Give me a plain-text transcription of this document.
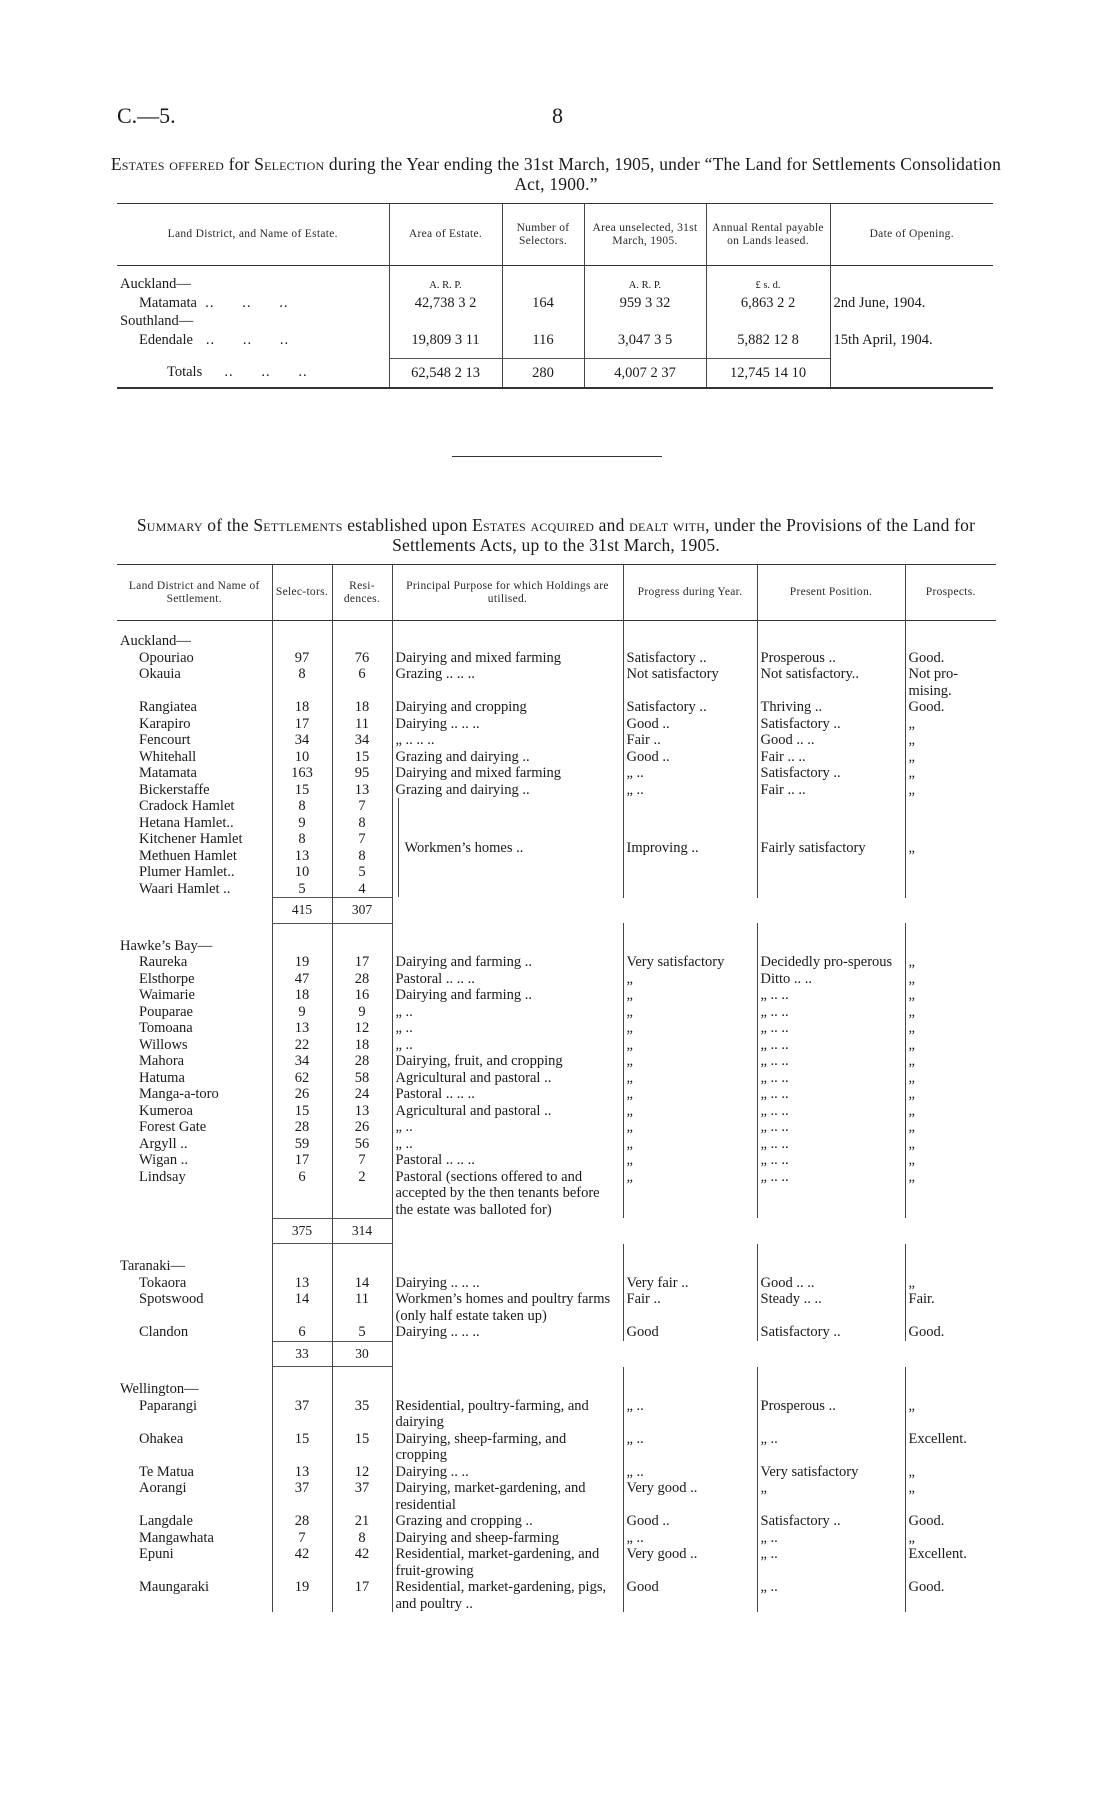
C.—5.	8
Estates offered for Selection during the Year ending the 31st March, 1905, under “The Land for Settlements Consolidation Act, 1900.”
Land District, and Name of Estate.	Area of Estate.	Number of Selectors.	Area unselected, 31st March, 1905.	Annual Rental payable on Lands leased.	Date of Opening.
Auckland—	A. R. P.		A. R. P.	£ s. d.	
Matamata  ..      ..      ..	42,738 3 2	164	959 3 32	6,863 2 2	2nd June, 1904.
Southland—					
Edendale   ..      ..      ..	19,809 3 11	116	3,047 3 5	5,882 12 8	15th April, 1904.
Totals     ..      ..      ..	62,548 2 13	280	4,007 2 37	12,745 14 10	
Summary of the Settlements established upon Estates acquired and dealt with, under the Provisions of the Land for Settlements Acts, up to the 31st March, 1905.
Land District and Name of Settlement.	Selec-tors.	Resi-dences.	Principal Purpose for which Holdings are utilised.	Progress during Year.	Present Position.	Prospects.
Auckland—						
Opouriao	97	76	Dairying and mixed farming	Satisfactory ..	Prosperous ..	Good.
Okauia	8	6	Grazing .. .. ..	Not satisfactory	Not satisfactory..	Not pro-mising.
Rangiatea	18	18	Dairying and cropping	Satisfactory ..	Thriving ..	Good.
Karapiro	17	11	Dairying .. .. ..	Good ..	Satisfactory ..	„
Fencourt	34	34	„ .. .. ..	Fair ..	Good .. ..	„
Whitehall	10	15	Grazing and dairying ..	Good ..	Fair .. ..	„
Matamata	163	95	Dairying and mixed farming	„ ..	Satisfactory ..	„
Bickerstaffe	15	13	Grazing and dairying ..	„ ..	Fair .. ..	„
Cradock Hamlet	8	7	Workmen’s homes ..	Improving ..	Fairly satisfactory	„
Hetana Hamlet..	9	8				
Kitchener Hamlet	8	7				
Methuen Hamlet	13	8				
Plumer Hamlet..	10	5				
Waari Hamlet ..	5	4				
	415	307				

Hawke’s Bay—						
Raureka	19	17	Dairying and farming ..	Very satisfactory	Decidedly pro-sperous	„
Elsthorpe	47	28	Pastoral .. .. ..	„	Ditto .. ..	„
Waimarie	18	16	Dairying and farming ..	„	„ .. ..	„
Pouparae	9	9	„ ..	„	„ .. ..	„
Tomoana	13	12	„ ..	„	„ .. ..	„
Willows	22	18	„ ..	„	„ .. ..	„
Mahora	34	28	Dairying, fruit, and cropping	„	„ .. ..	„
Hatuma	62	58	Agricultural and pastoral ..	„	„ .. ..	„
Manga-a-toro	26	24	Pastoral .. .. ..	„	„ .. ..	„
Kumeroa	15	13	Agricultural and pastoral ..	„	„ .. ..	„
Forest Gate	28	26	„ ..	„	„ .. ..	„
Argyll ..	59	56	„ ..	„	„ .. ..	„
Wigan ..	17	7	Pastoral .. .. ..	„	„ .. ..	„
Lindsay	6	2	Pastoral (sections offered to and accepted by the then tenants before the estate was balloted for)	„	„ .. ..	„
	375	314				

Taranaki—						
Tokaora	13	14	Dairying .. .. ..	Very fair ..	Good .. ..	„
Spotswood	14	11	Workmen’s homes and poultry farms (only half estate taken up)	Fair ..	Steady .. ..	Fair.
Clandon	6	5	Dairying .. .. ..	Good	Satisfactory ..	Good.
	33	30				

Wellington—						
Paparangi	37	35	Residential, poultry-farming, and dairying	„ ..	Prosperous ..	„
Ohakea	15	15	Dairying, sheep-farming, and cropping	„ ..	„ ..	Excellent.
Te Matua	13	12	Dairying .. ..	„ ..	Very satisfactory	„
Aorangi	37	37	Dairying, market-gardening, and residential	Very good ..	„	„
Langdale	28	21	Grazing and cropping ..	Good ..	Satisfactory ..	Good.
Mangawhata	7	8	Dairying and sheep-farming	„ ..	„ ..	„
Epuni	42	42	Residential, market-gardening, and fruit-growing	Very good ..	„ ..	Excellent.
Maungaraki	19	17	Residential, market-gardening, pigs, and poultry ..	Good	„ ..	Good.
